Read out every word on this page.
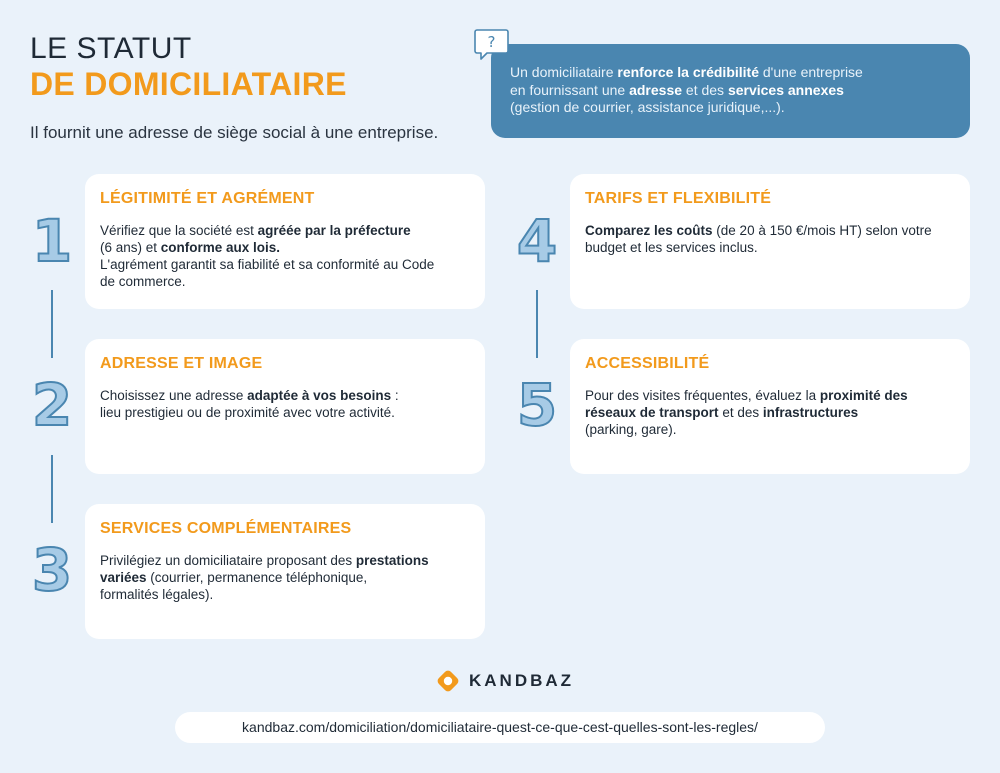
LE STATUT
DE DOMICILIATAIRE
Il fournit une adresse de siège social à une entreprise.
Un domiciliataire renforce la crédibilité d'une entreprise
en fournissant une adresse et des services annexes
(gestion de courrier, assistance juridique,...).
?
1
2
3
4
5
LÉGITIMITÉ ET AGRÉMENT
Vérifiez que la société est agréée par la préfecture
(6 ans) et conforme aux lois.
L'agrément garantit sa fiabilité et sa conformité au Code
de commerce.
ADRESSE ET IMAGE
Choisissez une adresse adaptée à vos besoins :
lieu prestigieu ou de proximité avec votre activité.
SERVICES COMPLÉMENTAIRES
Privilégiez un domiciliataire proposant des prestations
variées (courrier, permanence téléphonique,
formalités légales).
TARIFS ET FLEXIBILITÉ
Comparez les coûts (de 20 à 150 €/mois HT) selon votre
budget et les services inclus.
ACCESSIBILITÉ
Pour des visites fréquentes, évaluez la proximité des
réseaux de transport et des infrastructures
(parking, gare).
KANDBAZ
kandbaz.com/domiciliation/domiciliataire-quest-ce-que-cest-quelles-sont-les-regles/
